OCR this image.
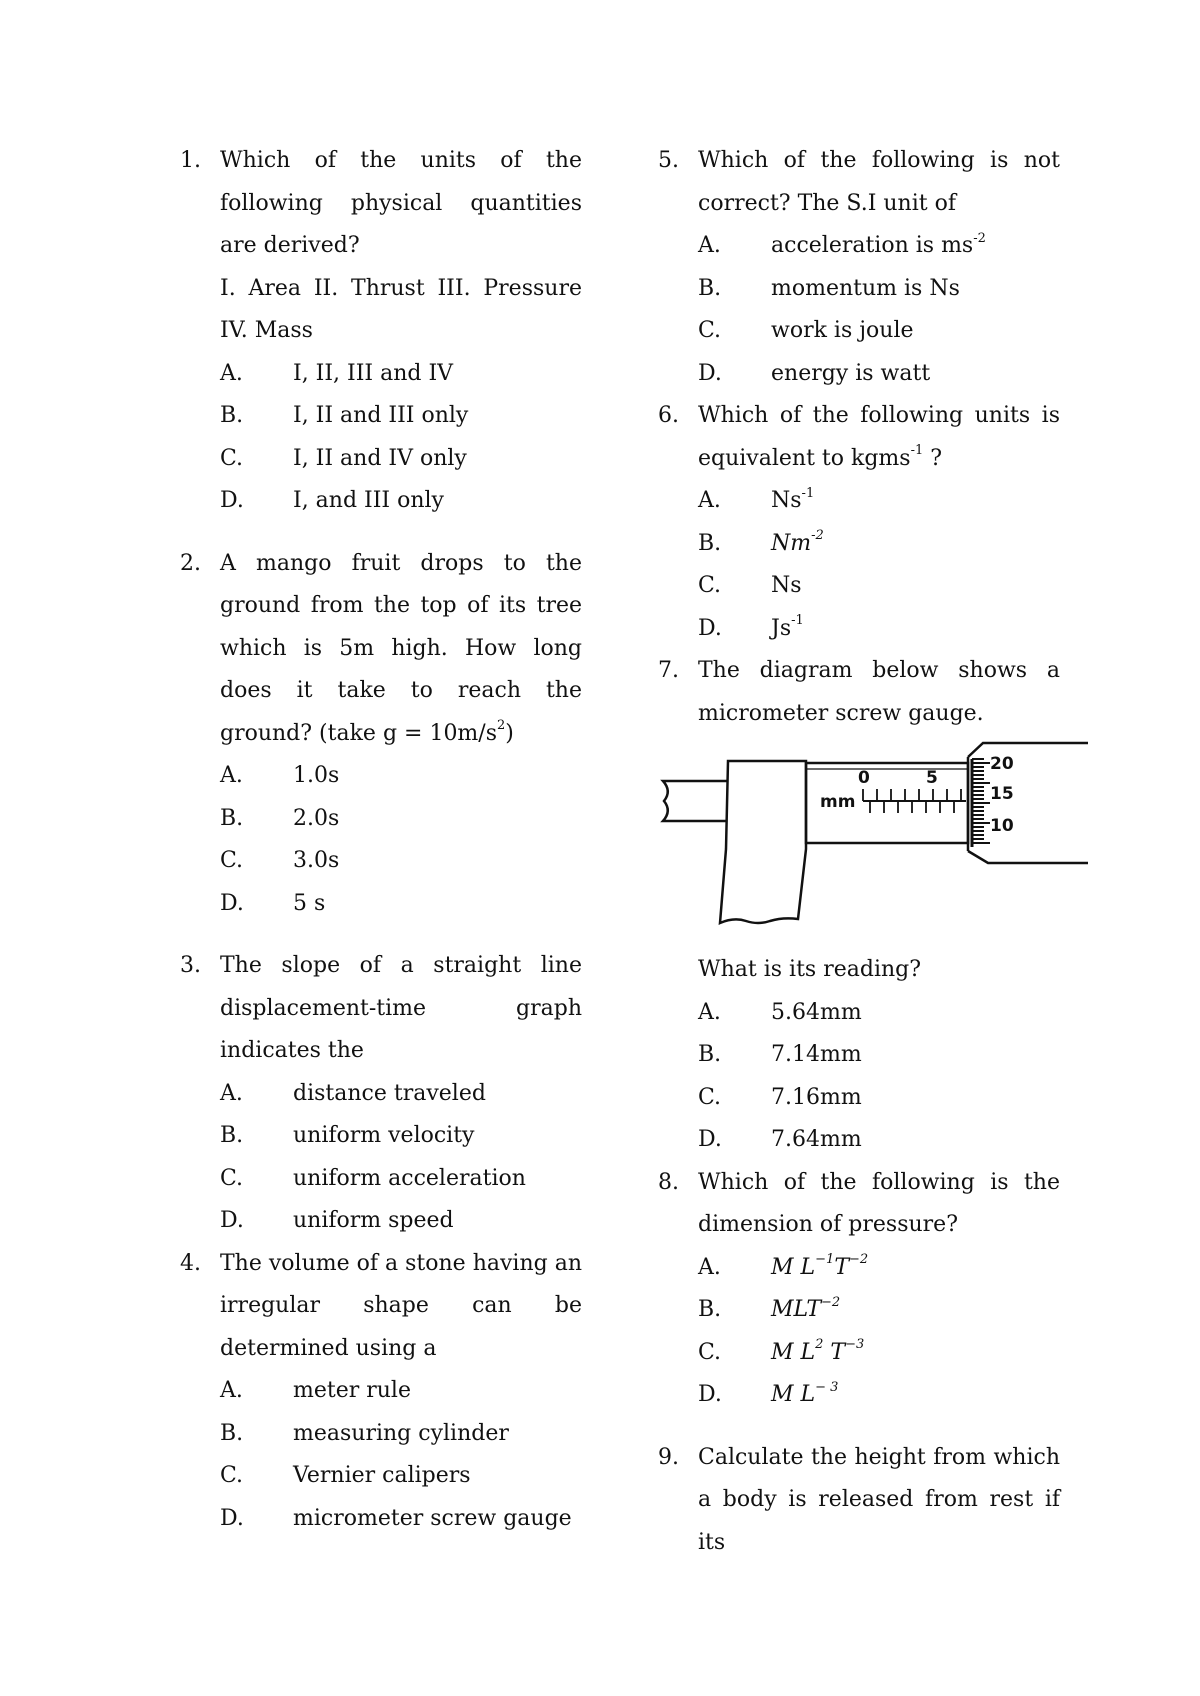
1. Which of the units of the following physical quantities are derived?
I. Area II. Thrust III. Pressure IV. Mass
A.	I, II, III and IV
B.	I, II and III only
C.	I, II and IV only
D.	I, and III only
2. A mango fruit drops to the ground from the top of its tree which is 5m high. How long does it take to reach the ground? (take $g = 10m/s^2$)
A.	1.0s
B.	2.0s
C.	3.0s
D.	5 s
3. The slope of a straight line displacement-time graph indicates the
A.	distance traveled
B.	uniform velocity
C.	uniform acceleration
D.	uniform speed
4. The volume of a stone having an irregular shape can be determined using a
A.	meter rule
B.	measuring cylinder
C.	Vernier calipers
D.	micrometer screw gauge
5. Which of the following is not correct? The S.I unit of
A.	acceleration is $ms^{-2}$
B.	momentum is Ns
C.	work is joule
D.	energy is watt
6. Which of the following units is equivalent to kgms$^{-1}$ ?
A.	$Ns^{-1}$
B.	$Nm^{-2}$
C.	Ns
D.	$Js^{-1}$
7. The diagram below shows a micrometer screw gauge.
mm
0	5
20
15
10
What is its reading?
A.	5.64mm
B.	7.14mm
C.	7.16mm
D.	7.64mm
8. Which of the following is the dimension of pressure?
A.	M $L^{-1}T^{-2}$
B.	$MLT^{-2}$
C.	M $L^2$ $T^{-3}$
D.	M $L^{- 3}$
9. Calculate the height from which a body is released from rest if its
